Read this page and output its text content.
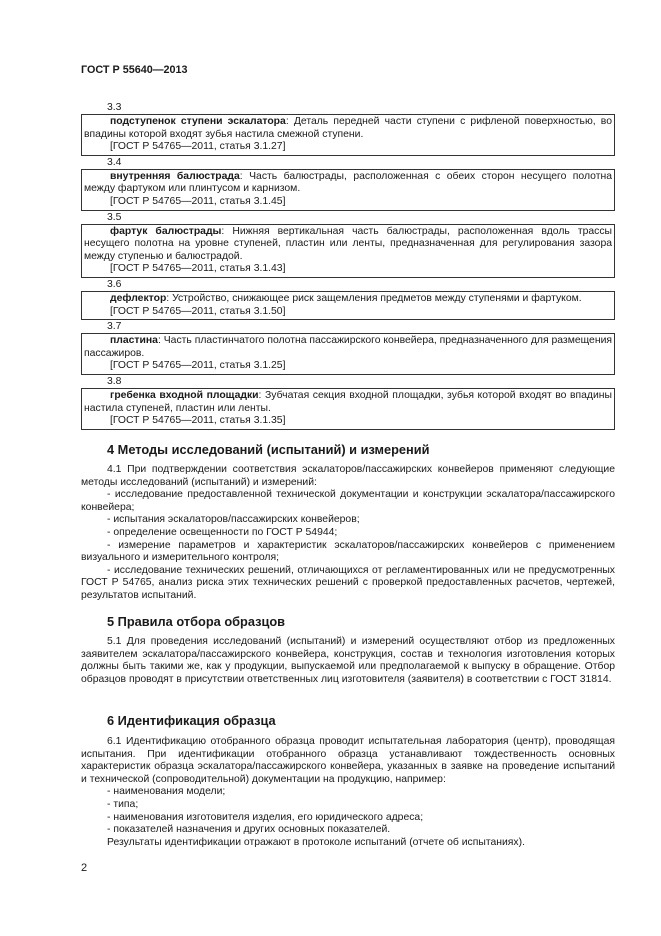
ГОСТ Р 55640—2013
3.3
подступенок ступени эскалатора: Деталь передней части ступени с рифленой поверхностью, во впадины которой входят зубья настила смежной ступени.
[ГОСТ Р 54765—2011, статья 3.1.27]
3.4
внутренняя балюстрада: Часть балюстрады, расположенная с обеих сторон несущего полотна между фартуком или плинтусом и карнизом.
[ГОСТ Р 54765—2011, статья 3.1.45]
3.5
фартук балюстрады: Нижняя вертикальная часть балюстрады, расположенная вдоль трассы несущего полотна на уровне ступеней, пластин или ленты, предназначенная для регулирования зазора между ступенью и балюстрадой.
[ГОСТ Р 54765—2011, статья 3.1.43]
3.6
дефлектор: Устройство, снижающее риск защемления предметов между ступенями и фартуком.
[ГОСТ Р 54765—2011, статья 3.1.50]
3.7
пластина: Часть пластинчатого полотна пассажирского конвейера, предназначенного для размещения пассажиров.
[ГОСТ Р 54765—2011, статья 3.1.25]
3.8
гребенка входной площадки: Зубчатая секция входной площадки, зубья которой входят во впадины настила ступеней, пластин или ленты.
[ГОСТ Р 54765—2011, статья 3.1.35]
4 Методы исследований (испытаний) и измерений
4.1 При подтверждении соответствия эскалаторов/пассажирских конвейеров применяют следующие методы исследований (испытаний) и измерений:
- исследование предоставленной технической документации и конструкции эскалатора/пассажирского конвейера;
- испытания эскалаторов/пассажирских конвейеров;
- определение освещенности по ГОСТ Р 54944;
- измерение параметров и характеристик эскалаторов/пассажирских конвейеров с применением визуального и измерительного контроля;
- исследование технических решений, отличающихся от регламентированных или не предусмотренных ГОСТ Р 54765, анализ риска этих технических решений с проверкой предоставленных расчетов, чертежей, результатов испытаний.
5 Правила отбора образцов
5.1 Для проведения исследований (испытаний) и измерений осуществляют отбор из предложенных заявителем эскалатора/пассажирского конвейера, конструкция, состав и технология изготовления которых должны быть такими же, как у продукции, выпускаемой или предполагаемой к выпуску в обращение. Отбор образцов проводят в присутствии ответственных лиц изготовителя (заявителя) в соответствии с ГОСТ 31814.
6 Идентификация образца
6.1 Идентификацию отобранного образца проводит испытательная лаборатория (центр), проводящая испытания. При идентификации отобранного образца устанавливают тождественность основных характеристик образца эскалатора/пассажирского конвейера, указанных в заявке на проведение испытаний и технической (сопроводительной) документации на продукцию, например:
- наименования модели;
- типа;
- наименования изготовителя изделия, его юридического адреса;
- показателей назначения и других основных показателей.
Результаты идентификации отражают в протоколе испытаний (отчете об испытаниях).
2
